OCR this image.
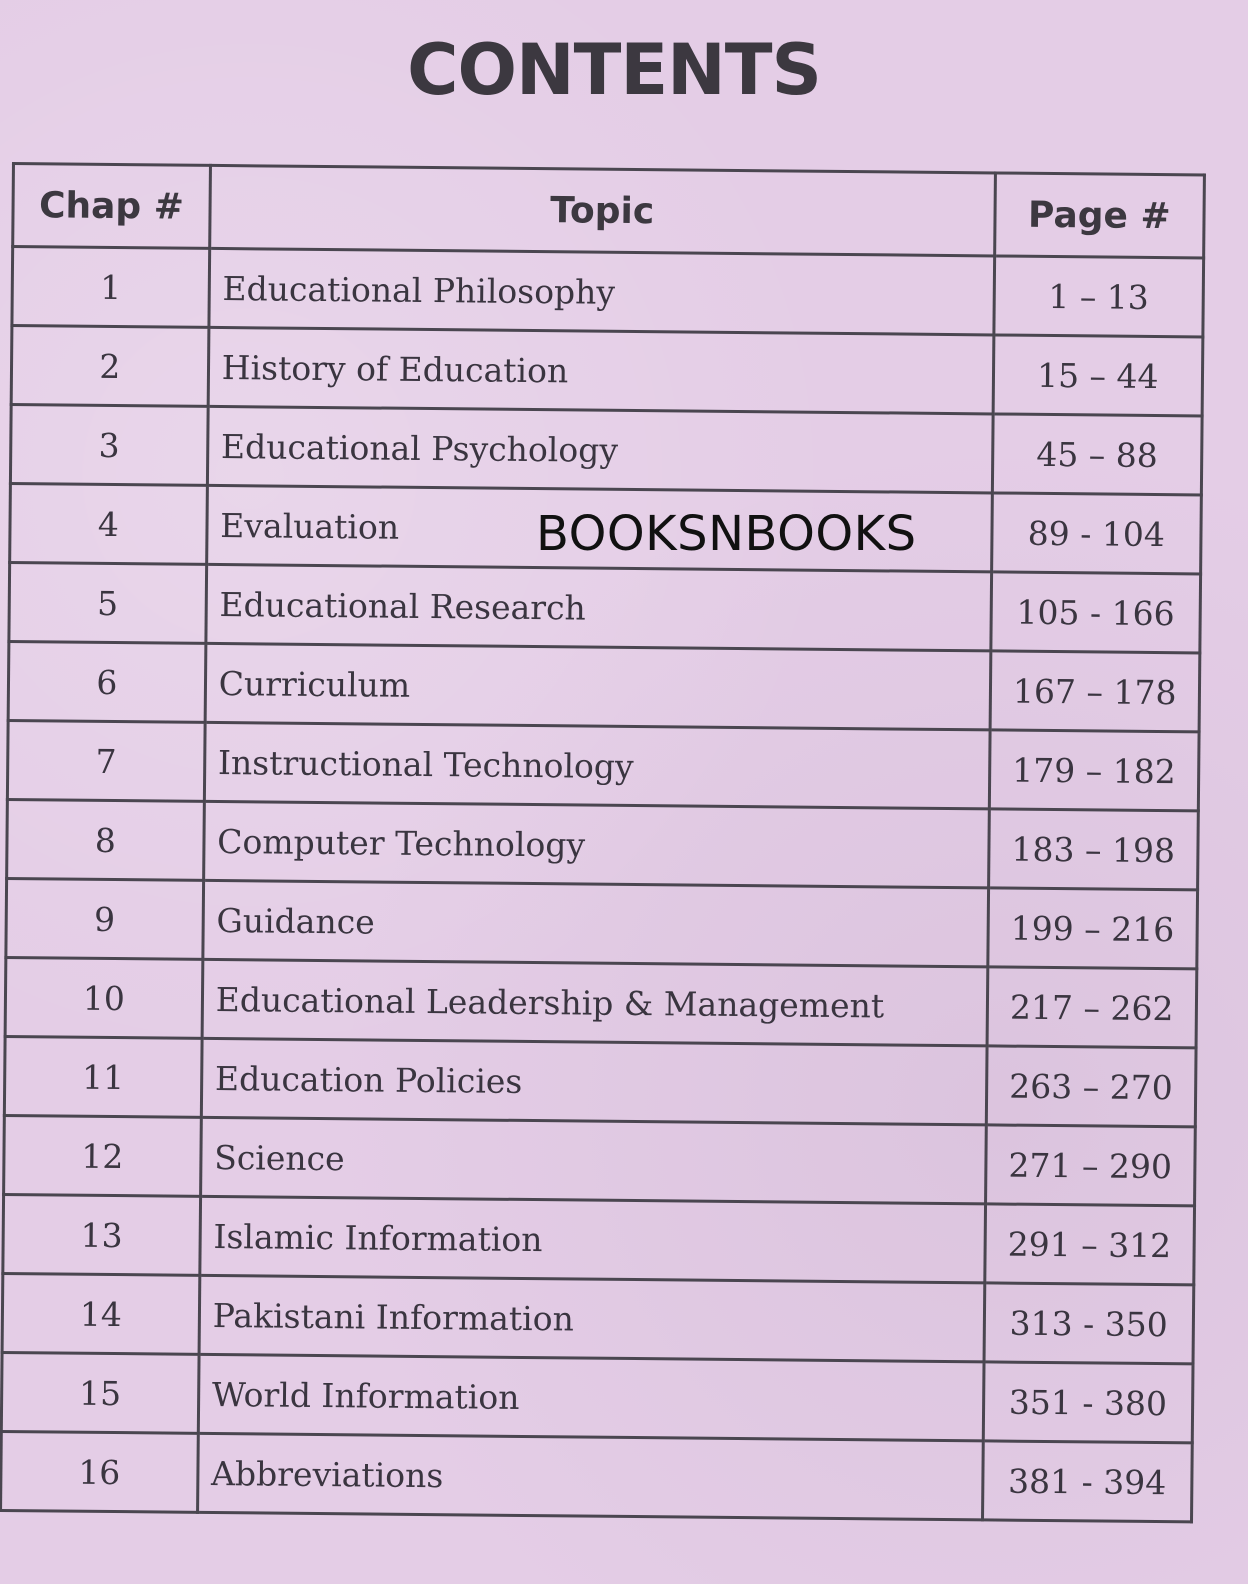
CONTENTS
Chap #	Topic	Page #
1	Educational Philosophy	1 – 13
2	History of Education	15 – 44
3	Educational Psychology	45 – 88
4	Evaluation	89 - 104
5	Educational Research	105 - 166
6	Curriculum	167 – 178
7	Instructional Technology	179 – 182
8	Computer Technology	183 – 198
9	Guidance	199 – 216
10	Educational Leadership & Management	217 – 262
11	Education Policies	263 – 270
12	Science	271 – 290
13	Islamic Information	291 – 312
14	Pakistani Information	313 - 350
15	World Information	351 - 380
16	Abbreviations	381 - 394
BOOKSNBOOKS
